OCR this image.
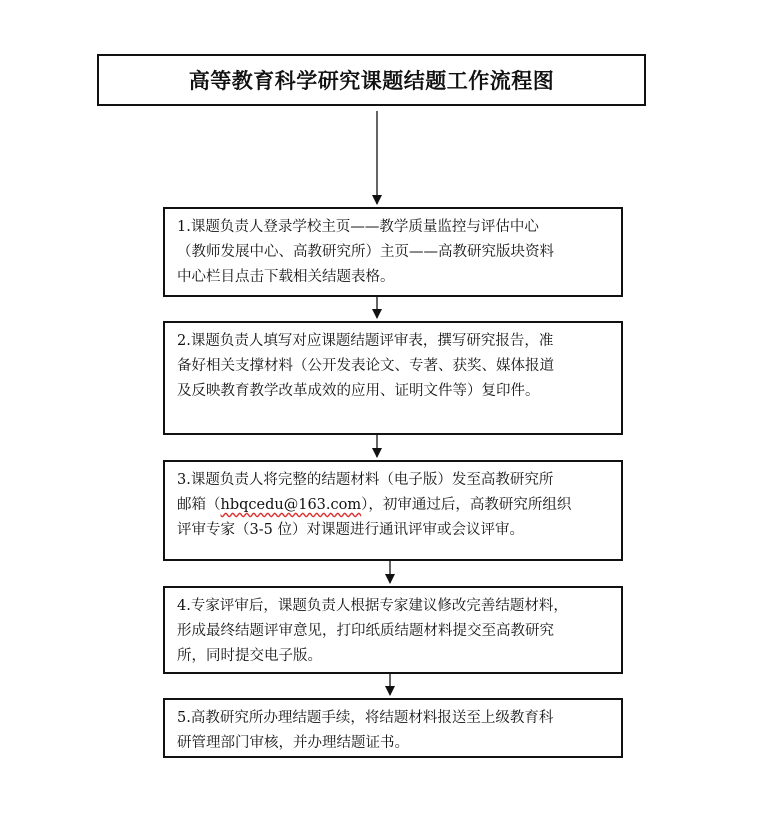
高等教育科学研究课题结题工作流程图
1.课题负责人登录学校主页——教学质量监控与评估中心
（教师发展中心、高教研究所）主页——高教研究版块资料
中心栏目点击下载相关结题表格。
2.课题负责人填写对应课题结题评审表，撰写研究报告，准
备好相关支撑材料（公开发表论文、专著、获奖、媒体报道
及反映教育教学改革成效的应用、证明文件等）复印件。
3.课题负责人将完整的结题材料（电子版）发至高教研究所
邮箱（hbqcedu@163.com），初审通过后，高教研究所组织
评审专家（3-5 位）对课题进行通讯评审或会议评审。
4.专家评审后，课题负责人根据专家建议修改完善结题材料，
形成最终结题评审意见，打印纸质结题材料提交至高教研究
所，同时提交电子版。
5.高教研究所办理结题手续，将结题材料报送至上级教育科
研管理部门审核，并办理结题证书。
